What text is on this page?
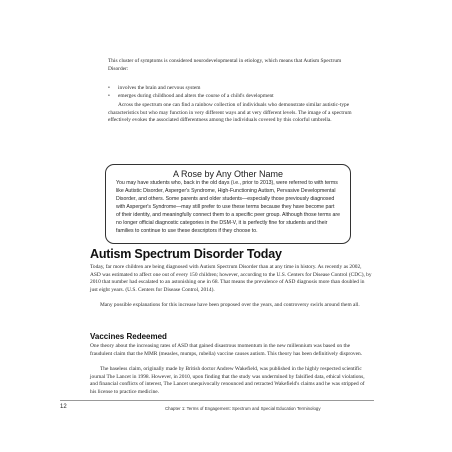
This cluster of symptoms is considered neurodevelopmental in etiology, which means that Autism Spectrum Disorder:

• involves the brain and nervous system
• emerges during childhood and alters the course of a child's development

Across the spectrum one can find a rainbow collection of individuals who demonstrate similar autistic-type characteristics but who may function in very different ways and at very different levels. The image of a spectrum effectively evokes the associated differentness among the individuals covered by this colorful umbrella.

A Rose by Any Other Name

You may have students who, back in the old days (i.e., prior to 2013), were referred to with terms like Autistic Disorder, Asperger's Syndrome, High-Functioning Autism, Pervasive Developmental Disorder, and others. Some parents and older students—especially those previously diagnosed with Asperger's Syndrome—may still prefer to use these terms because they have become part of their identity, and meaningfully connect them to a specific peer group. Although those terms are no longer official diagnostic categories in the DSM-V, it is perfectly fine for students and their families to continue to use these descriptors if they choose to.

Autism Spectrum Disorder Today

Today, far more children are being diagnosed with Autism Spectrum Disorder than at any time in history. As recently as 2002, ASD was estimated to affect one out of every 150 children; however, according to the U.S. Centers for Disease Control (CDC), by 2010 that number had escalated to an astonishing one in 68. That means the prevalence of ASD diagnosis more than doubled in just eight years. (U.S. Centers for Disease Control, 2014).

Many possible explanations for this increase have been proposed over the years, and controversy swirls around them all.

Vaccines Redeemed

One theory about the increasing rates of ASD that gained disastrous momentum in the new millennium was based on the fraudulent claim that the MMR (measles, mumps, rubella) vaccine causes autism. This theory has been definitively disproven.

The baseless claim, originally made by British doctor Andrew Wakefield, was published in the highly respected scientific journal The Lancet in 1998. However, in 2010, upon finding that the study was undermined by falsified data, ethical violations, and financial conflicts of interest, The Lancet unequivocally renounced and retracted Wakefield's claims and he was stripped of his license to practice medicine.

12	Chapter 1: Terms of Engagement: Spectrum and Special Education Terminology
